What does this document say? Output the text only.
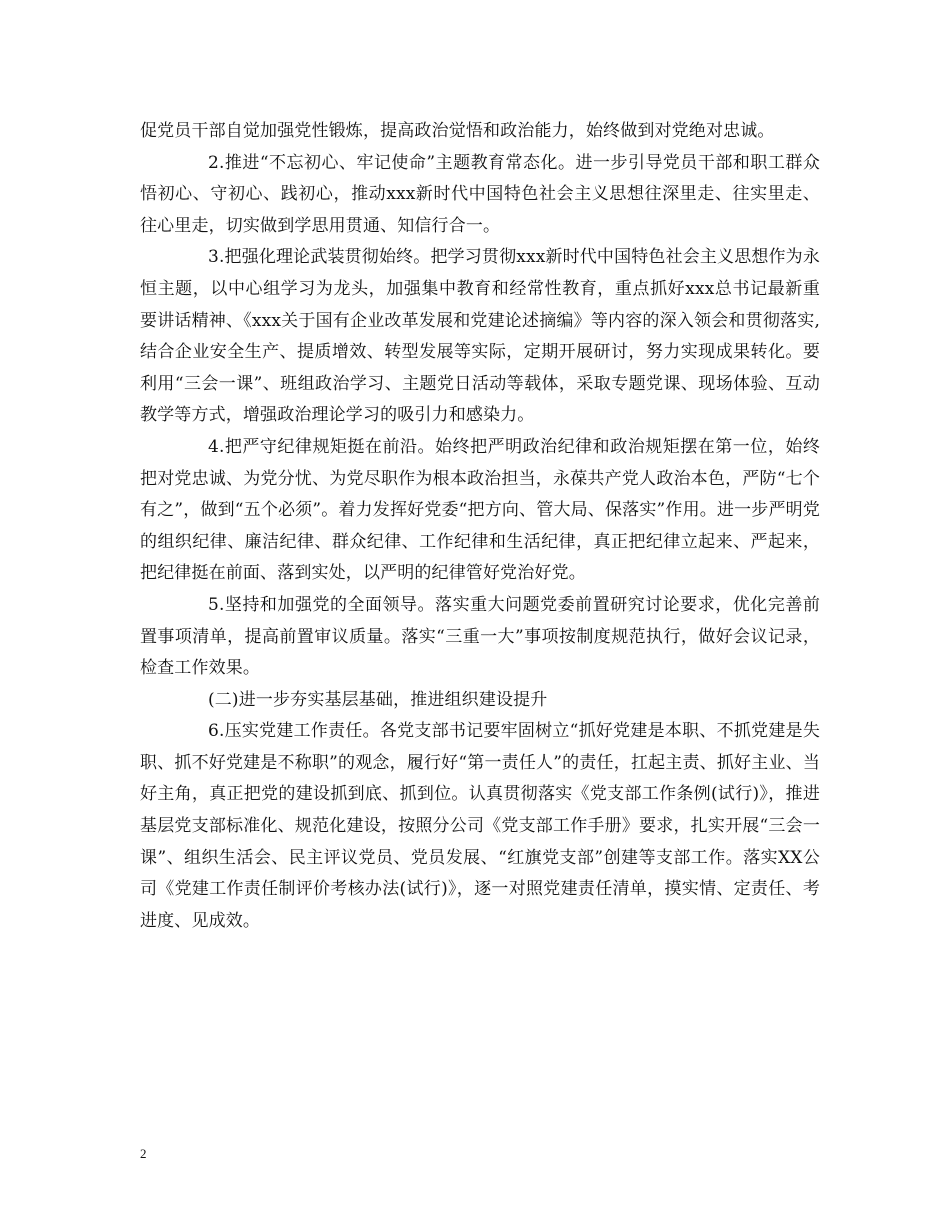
促党员干部自觉加强党性锻炼，提高政治觉悟和政治能力，始终做到对党绝对忠诚。

2.推进“不忘初心、牢记使命”主题教育常态化。进一步引导党员干部和职工群众悟初心、守初心、践初心，推动xxx新时代中国特色社会主义思想往深里走、往实里走、往心里走，切实做到学思用贯通、知信行合一。

3.把强化理论武装贯彻始终。把学习贯彻xxx新时代中国特色社会主义思想作为永恒主题，以中心组学习为龙头，加强集中教育和经常性教育，重点抓好xxx总书记最新重要讲话精神、《xxx关于国有企业改革发展和党建论述摘编》等内容的深入领会和贯彻落实,结合企业安全生产、提质增效、转型发展等实际，定期开展研讨，努力实现成果转化。要利用“三会一课”、班组政治学习、主题党日活动等载体，采取专题党课、现场体验、互动教学等方式，增强政治理论学习的吸引力和感染力。

4.把严守纪律规矩挺在前沿。始终把严明政治纪律和政治规矩摆在第一位，始终把对党忠诚、为党分忧、为党尽职作为根本政治担当，永葆共产党人政治本色，严防“七个有之”，做到“五个必须”。着力发挥好党委“把方向、管大局、保落实”作用。进一步严明党的组织纪律、廉洁纪律、群众纪律、工作纪律和生活纪律，真正把纪律立起来、严起来，把纪律挺在前面、落到实处，以严明的纪律管好党治好党。

5.坚持和加强党的全面领导。落实重大问题党委前置研究讨论要求，优化完善前置事项清单，提高前置审议质量。落实“三重一大”事项按制度规范执行，做好会议记录，检查工作效果。

(二)进一步夯实基层基础，推进组织建设提升

6.压实党建工作责任。各党支部书记要牢固树立“抓好党建是本职、不抓党建是失职、抓不好党建是不称职”的观念，履行好“第一责任人”的责任，扛起主责、抓好主业、当好主角，真正把党的建设抓到底、抓到位。认真贯彻落实《党支部工作条例(试行)》，推进基层党支部标准化、规范化建设，按照分公司《党支部工作手册》要求，扎实开展“三会一课”、组织生活会、民主评议党员、党员发展、“红旗党支部”创建等支部工作。落实XX公司《党建工作责任制评价考核办法(试行)》，逐一对照党建责任清单，摸实情、定责任、考进度、见成效。

2
